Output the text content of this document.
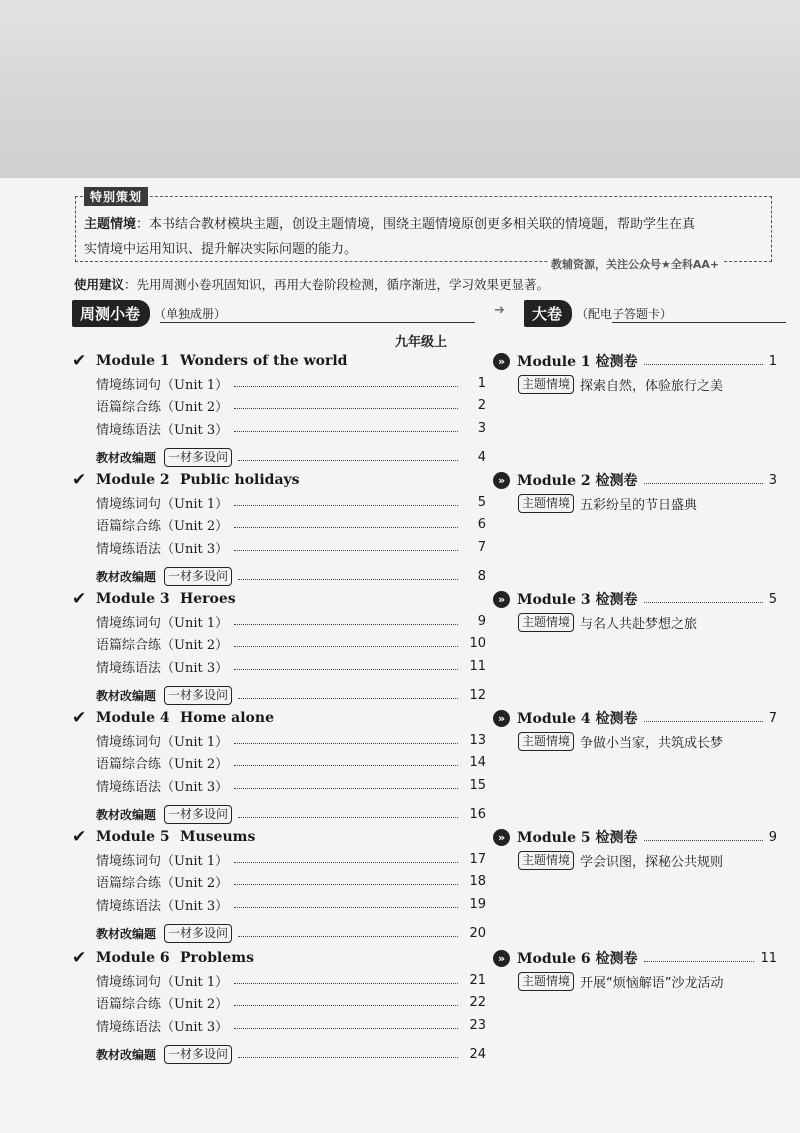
特别策划
主题情境：本书结合教材模块主题，创设主题情境，围绕主题情境原创更多相关联的情境题，帮助学生在真
实情境中运用知识、提升解决实际问题的能力。
教辅资源，关注公众号★全科AA+
使用建议：先用周测小卷巩固知识，再用大卷阶段检测，循序渐进，学习效果更显著。
周测小卷	（单独成册）	➜	大卷	（配电子答题卡）
九年级上
✔ Module 1 Wonders of the world
情境练词句（Unit 1）	1
语篇综合练（Unit 2）	2
情境练语法（Unit 3）	3
教材改编题	一材多设问	4
✔ Module 2 Public holidays
情境练词句（Unit 1）	5
语篇综合练（Unit 2）	6
情境练语法（Unit 3）	7
教材改编题	一材多设问	8
✔ Module 3 Heroes
情境练词句（Unit 1）	9
语篇综合练（Unit 2）	10
情境练语法（Unit 3）	11
教材改编题	一材多设问	12
✔ Module 4 Home alone
情境练词句（Unit 1）	13
语篇综合练（Unit 2）	14
情境练语法（Unit 3）	15
教材改编题	一材多设问	16
✔ Module 5 Museums
情境练词句（Unit 1）	17
语篇综合练（Unit 2）	18
情境练语法（Unit 3）	19
教材改编题	一材多设问	20
✔ Module 6 Problems
情境练词句（Unit 1）	21
语篇综合练（Unit 2）	22
情境练语法（Unit 3）	23
教材改编题	一材多设问	24
» Module 1 检测卷	1
主题情境 探索自然，体验旅行之美
» Module 2 检测卷	3
主题情境 五彩纷呈的节日盛典
» Module 3 检测卷	5
主题情境 与名人共赴梦想之旅
» Module 4 检测卷	7
主题情境 争做小当家，共筑成长梦
» Module 5 检测卷	9
主题情境 学会识图，探秘公共规则
» Module 6 检测卷	11
主题情境 开展“烦恼解语”沙龙活动
